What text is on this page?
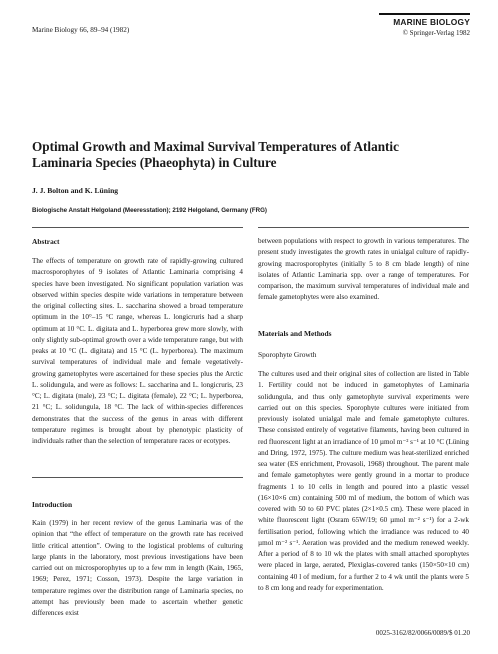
Marine Biology 66, 89–94 (1982)
MARINE BIOLOGY
© Springer-Verlag 1982
Optimal Growth and Maximal Survival Temperatures of Atlantic
Laminaria Species (Phaeophyta) in Culture
J. J. Bolton and K. Lüning
Biologische Anstalt Helgoland (Meeresstation); 2192 Helgoland, Germany (FRG)
Abstract

The effects of temperature on growth rate of rapidly-growing cultured macrosporophytes of 9 isolates of Atlantic Laminaria comprising 4 species have been investigated. No significant population variation was observed within species despite wide variations in temperature between the original collecting sites. L. saccharina showed a broad temperature optimum in the 10°–15 °C range, whereas L. longicruris had a sharp optimum at 10 °C. L. digitata and L. hyperborea grew more slowly, with only slightly sub-optimal growth over a wide temperature range, but with peaks at 10 °C (L. digitata) and 15 °C (L. hyperborea). The maximum survival temperatures of individual male and female vegetatively-growing gametophytes were ascertained for these species plus the Arctic L. solidungula, and were as follows: L. saccharina and L. longicruris, 23 °C; L. digitata (male), 23 °C; L. digitata (female), 22 °C; L. hyperborea, 21 °C; L. solidungula, 18 °C. The lack of within-species differences demonstrates that the success of the genus in areas with different temperature regimes is brought about by phenotypic plasticity of individuals rather than the selection of temperature races or ecotypes.

Introduction

Kain (1979) in her recent review of the genus Laminaria was of the opinion that “the effect of temperature on the growth rate has received little critical attention”. Owing to the logistical problems of culturing large plants in the laboratory, most previous investigations have been carried out on microsporophytes up to a few mm in length (Kain, 1965, 1969; Perez, 1971; Cosson, 1973). Despite the large variation in temperature regimes over the distribution range of Laminaria species, no attempt has previously been made to ascertain whether genetic differences exist

between populations with respect to growth in various temperatures. The present study investigates the growth rates in unialgal culture of rapidly-growing macrosporophytes (initially 5 to 8 cm blade length) of nine isolates of Atlantic Laminaria spp. over a range of temperatures. For comparison, the maximum survival temperatures of individual male and female gametophytes were also examined.

Materials and Methods
Sporophyte Growth

The cultures used and their original sites of collection are listed in Table 1. Fertility could not be induced in gametophytes of Laminaria solidungula, and thus only gametophyte survival experiments were carried out on this species. Sporophyte cultures were initiated from previously isolated unialgal male and female gametophyte cultures. These consisted entirely of vegetative filaments, having been cultured in red fluorescent light at an irradiance of 10 µmol m⁻² s⁻¹ at 10 °C (Lüning and Dring, 1972, 1975). The culture medium was heat-sterilized enriched sea water (ES enrichment, Provasoli, 1968) throughout. The parent male and female gametophytes were gently ground in a mortar to produce fragments 1 to 10 cells in length and poured into a plastic vessel (16×10×6 cm) containing 500 ml of medium, the bottom of which was covered with 50 to 60 PVC plates (2×1×0.5 cm). These were placed in white fluorescent light (Osram 65W/19; 60 µmol m⁻² s⁻¹) for a 2-wk fertilisation period, following which the irradiance was reduced to 40 µmol m⁻² s⁻¹. Aeration was provided and the medium renewed weekly. After a period of 8 to 10 wk the plates with small attached sporophytes were placed in large, aerated, Plexiglas-covered tanks (150×50×10 cm) containing 40 l of medium, for a further 2 to 4 wk until the plants were 5 to 8 cm long and ready for experimentation.

0025-3162/82/0066/0089/$ 01.20
